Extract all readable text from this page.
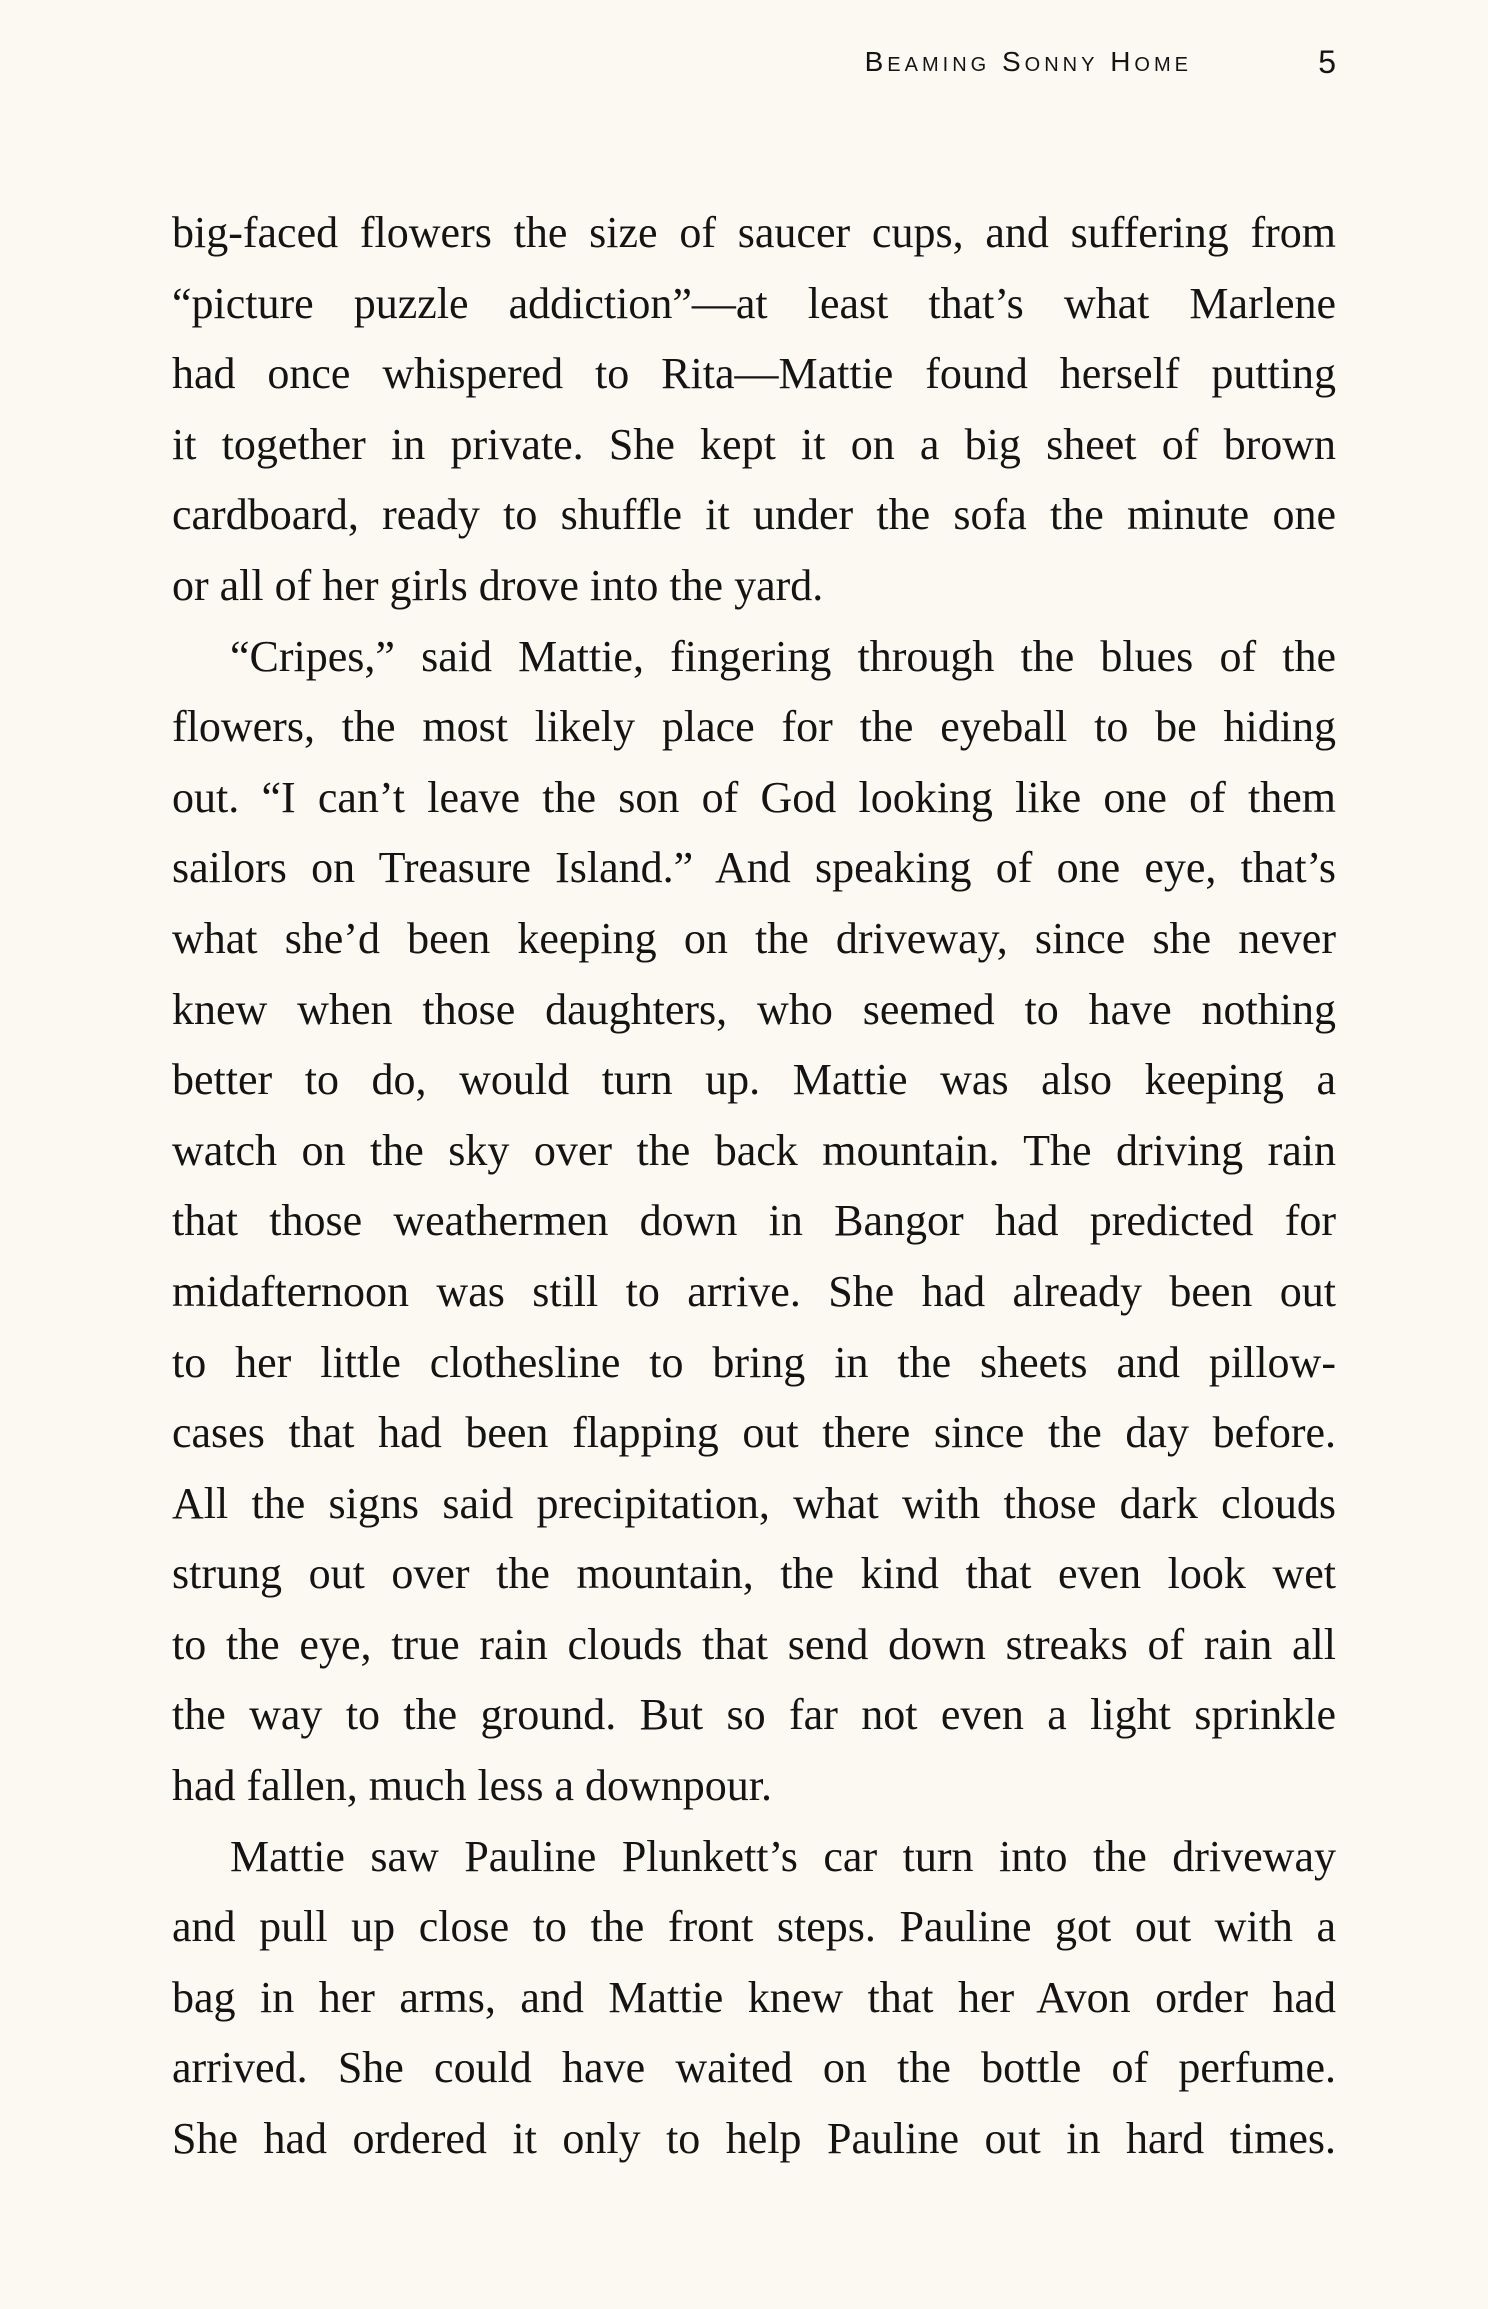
Beaming Sonny Home	5

big-faced flowers the size of saucer cups, and suffering from
“picture puzzle addiction”—at least that’s what Marlene
had once whispered to Rita—Mattie found herself putting
it together in private. She kept it on a big sheet of brown
cardboard, ready to shuffle it under the sofa the minute one
or all of her girls drove into the yard.

“Cripes,” said Mattie, fingering through the blues of the
flowers, the most likely place for the eyeball to be hiding
out. “I can’t leave the son of God looking like one of them
sailors on Treasure Island.” And speaking of one eye, that’s
what she’d been keeping on the driveway, since she never
knew when those daughters, who seemed to have nothing
better to do, would turn up. Mattie was also keeping a
watch on the sky over the back mountain. The driving rain
that those weathermen down in Bangor had predicted for
midafternoon was still to arrive. She had already been out
to her little clothesline to bring in the sheets and pillow-
cases that had been flapping out there since the day before.
All the signs said precipitation, what with those dark clouds
strung out over the mountain, the kind that even look wet
to the eye, true rain clouds that send down streaks of rain all
the way to the ground. But so far not even a light sprinkle
had fallen, much less a downpour.

Mattie saw Pauline Plunkett’s car turn into the driveway
and pull up close to the front steps. Pauline got out with a
bag in her arms, and Mattie knew that her Avon order had
arrived. She could have waited on the bottle of perfume.
She had ordered it only to help Pauline out in hard times.
